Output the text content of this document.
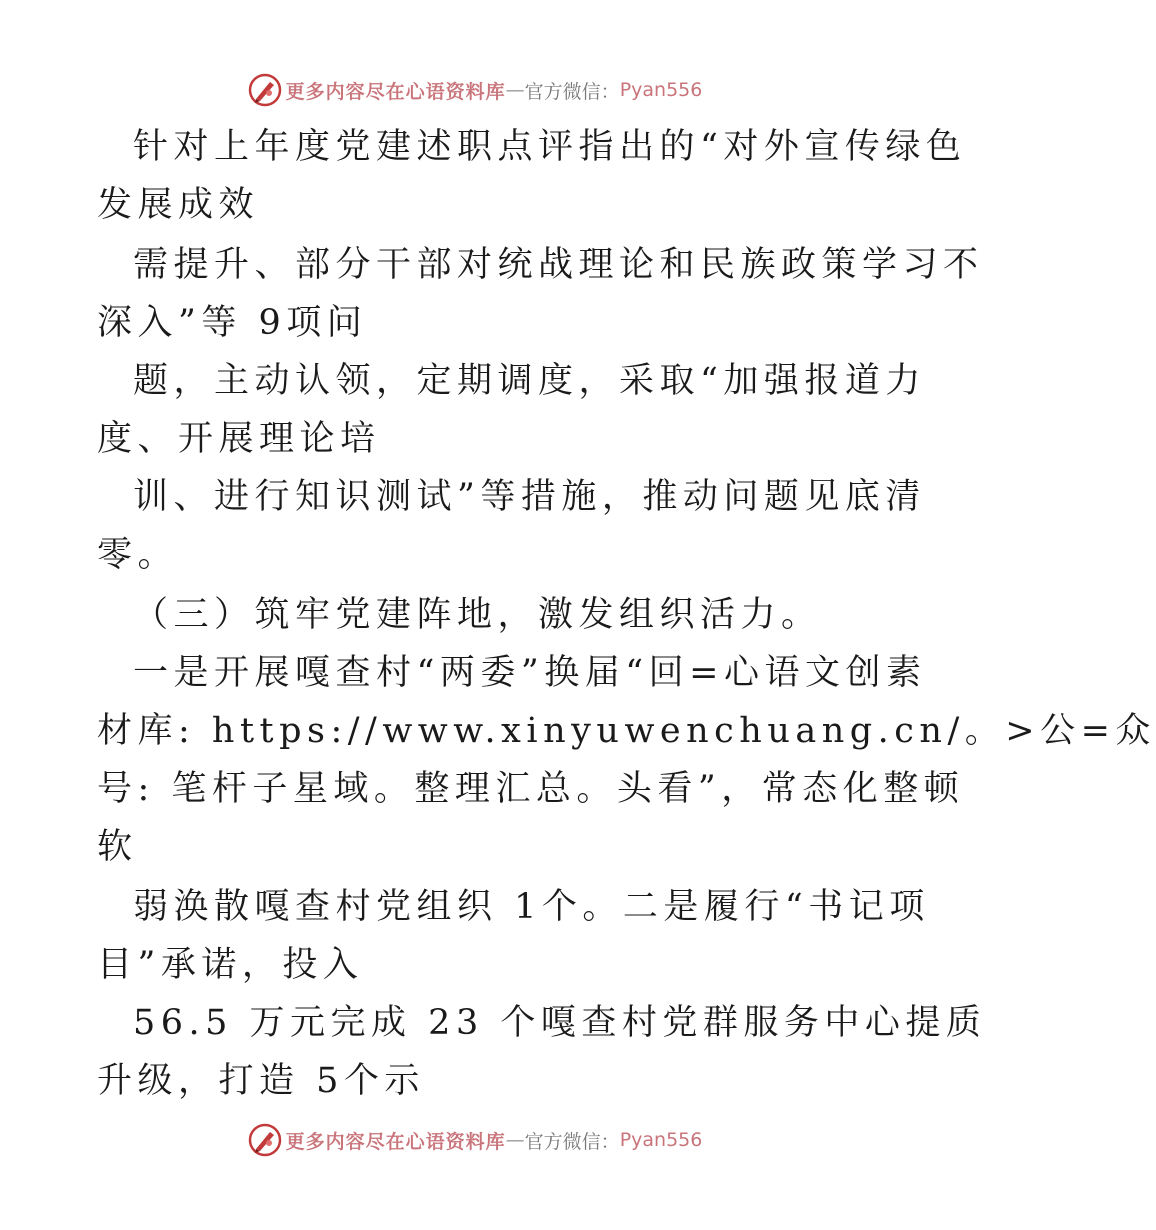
更多内容尽在心语资料库 — 官方微信： Pyan556
针对上年度党建述职点评指出的“对外宣传绿色
发展成效
需提升、部分干部对统战理论和民族政策学习不
深入”等 9项问
题，主动认领，定期调度，采取“加强报道力
度、开展理论培
训、进行知识测试”等措施，推动问题见底清
零。
（三）筑牢党建阵地，激发组织活力。
一是开展嘎查村“两委”换届“回=心语文创素
材库: https://www.xinyuwenchuang.cn/。>公=众
号: 笔杆子星域。整理汇总。头看”，常态化整顿
软
弱涣散嘎查村党组织 1个。二是履行“书记项
目”承诺，投入
56.5 万元完成 23 个嘎查村党群服务中心提质
升级，打造 5个示
更多内容尽在心语资料库 — 官方微信： Pyan556
